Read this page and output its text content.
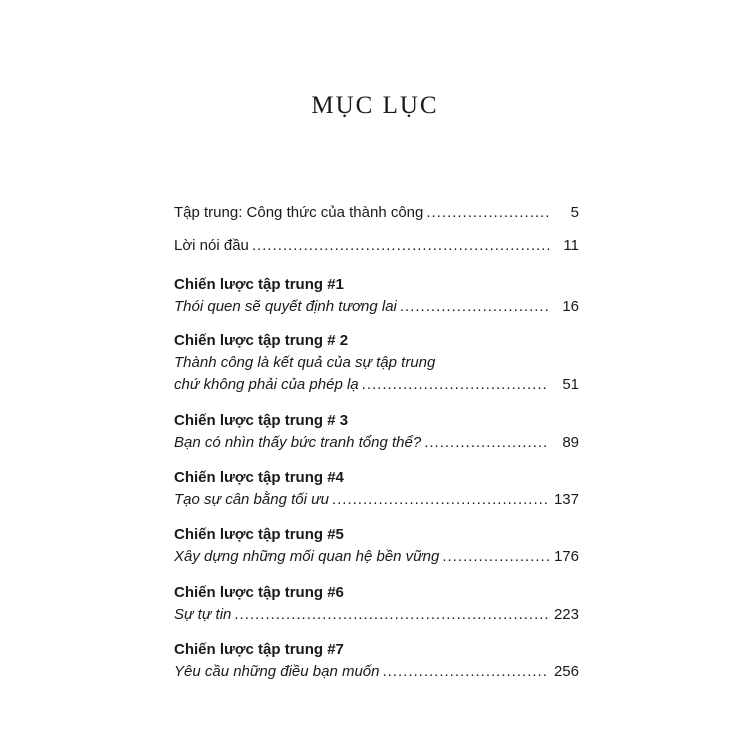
MỤC LỤC
Tập trung: Công thức của thành công .....	5
Lời nói đầu .....	11
Chiến lược tập trung #1
Thói quen sẽ quyết định tương lai .....	16
Chiến lược tập trung # 2
Thành công là kết quả của sự tập trung
chứ không phải của phép lạ .....	51
Chiến lược tập trung # 3
Bạn có nhìn thấy bức tranh tổng thể? .....	89
Chiến lược tập trung #4
Tạo sự cân bằng tối ưu .....	137
Chiến lược tập trung #5
Xây dựng những mối quan hệ bền vững .....	176
Chiến lược tập trung #6
Sự tự tin .....	223
Chiến lược tập trung #7
Yêu cầu những điều bạn muốn .....	256
